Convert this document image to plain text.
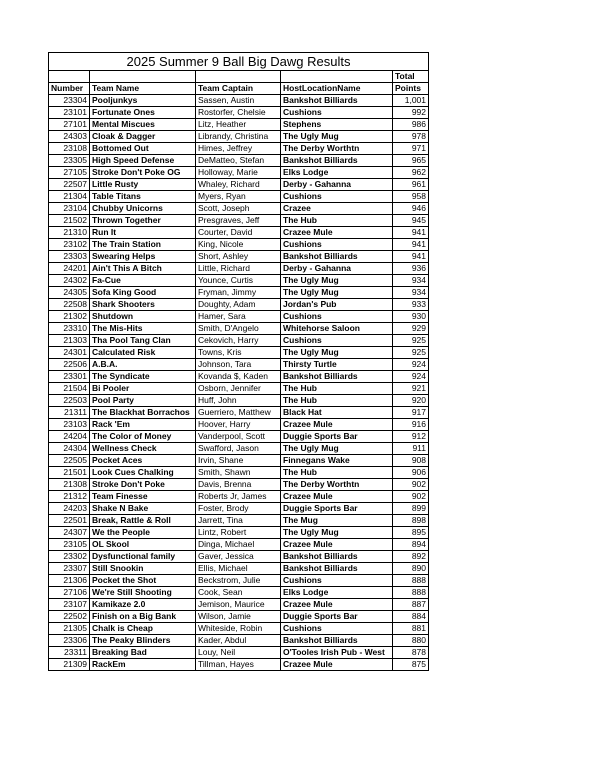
2025 Summer 9 Ball Big Dawg Results				
				Total
Number	Team Name	Team Captain	HostLocationName	Points
23304	Pooljunkys	Sassen, Austin	Bankshot Billiards	1,001
23101	Fortunate Ones	Rostorfer, Chelsie	Cushions	992
27101	Mental Miscues	Litz, Heather	Stephens	986
24303	Cloak & Dagger	Librandy, Christina	The Ugly Mug	978
23108	Bottomed Out	Himes, Jeffrey	The Derby Worthtn	971
23305	High Speed Defense	DeMatteo, Stefan	Bankshot Billiards	965
27105	Stroke Don't Poke OG	Holloway, Marie	Elks Lodge	962
22507	Little Rusty	Whaley, Richard	Derby - Gahanna	961
21304	Table Titans	Myers, Ryan	Cushions	958
23104	Chubby Unicorns	Scott, Joseph	Crazee	946
21502	Thrown Together	Presgraves, Jeff	The Hub	945
21310	Run It	Courter, David	Crazee Mule	941
23102	The Train Station	King, Nicole	Cushions	941
23303	Swearing Helps	Short, Ashley	Bankshot Billiards	941
24201	Ain't This A Bitch	Little, Richard	Derby - Gahanna	936
24302	Fa-Cue	Younce, Curtis	The Ugly Mug	934
24305	Sofa King Good	Fryman, Jimmy	The Ugly Mug	934
22508	Shark Shooters	Doughty, Adam	Jordan's Pub	933
21302	Shutdown	Hamer, Sara	Cushions	930
23310	The Mis-Hits	Smith, D'Angelo	Whitehorse Saloon	929
21303	Tha Pool Tang Clan	Cekovich, Harry	Cushions	925
24301	Calculated Risk	Towns, Kris	The Ugly Mug	925
22506	A.B.A.	Johnson, Tara	Thirsty Turtle	924
23301	The Syndicate	Kovanda $, Kaden	Bankshot Billiards	924
21504	Bi Pooler	Osborn, Jennifer	The Hub	921
22503	Pool Party	Huff, John	The Hub	920
21311	The Blackhat Borrachos	Guerriero, Matthew	Black Hat	917
23103	Rack 'Em	Hoover, Harry	Crazee Mule	916
24204	The Color of Money	Vanderpool, Scott	Duggie Sports Bar	912
24304	Wellness Check	Swafford, Jason	The Ugly Mug	911
22505	Pocket Aces	Irvin, Shane	Finnegans Wake	908
21501	Look Cues Chalking	Smith, Shawn	The Hub	906
21308	Stroke Don't Poke	Davis, Brenna	The Derby Worthtn	902
21312	Team Finesse	Roberts Jr, James	Crazee Mule	902
24203	Shake N Bake	Foster, Brody	Duggie Sports Bar	899
22501	Break, Rattle & Roll	Jarrett, Tina	The Mug	898
24307	We the People	Lintz, Robert	The Ugly Mug	895
23105	OL Skool	Dinga, Michael	Crazee Mule	894
23302	Dysfunctional family	Gaver, Jessica	Bankshot Billiards	892
23307	Still Snookin	Ellis, Michael	Bankshot Billiards	890
21306	Pocket the Shot	Beckstrom, Julie	Cushions	888
27106	We're Still Shooting	Cook, Sean	Elks Lodge	888
23107	Kamikaze 2.0	Jemison, Maurice	Crazee Mule	887
22502	Finish on a Big Bank	Wilson, Jamie	Duggie Sports Bar	884
21305	Chalk is Cheap	Whiteside, Robin	Cushions	881
23306	The Peaky Blinders	Kader, Abdul	Bankshot Billiards	880
23311	Breaking Bad	Louy, Neil	O'Tooles Irish Pub - West	878
21309	RackEm	Tillman, Hayes	Crazee Mule	875
